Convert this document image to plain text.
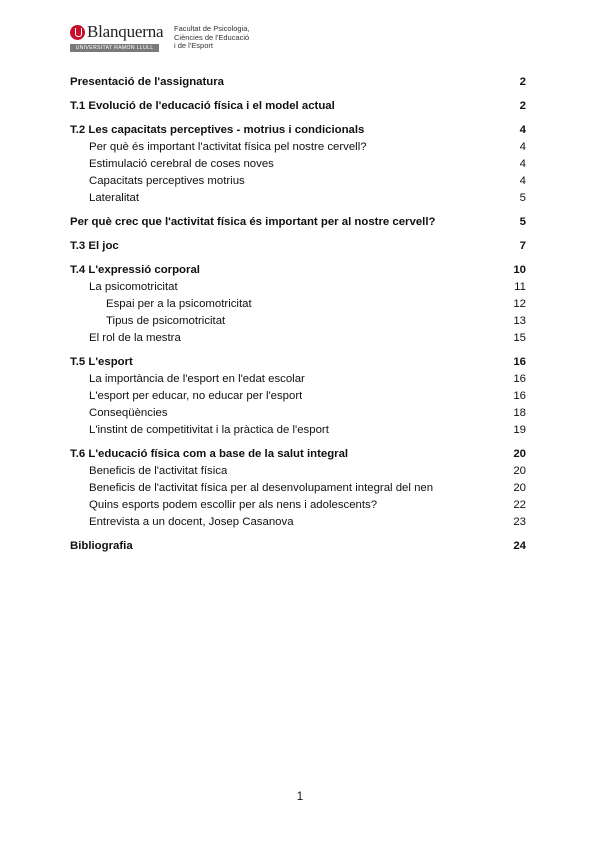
Blanquerna
UNIVERSITAT RAMON LLULL
Facultat de Psicologia,
Ciències de l'Educació
i de l'Esport
Presentació de l'assignatura	2
T.1 Evolució de l'educació física i el model actual	2
T.2 Les capacitats perceptives - motrius i condicionals	4
Per què és important l'activitat física pel nostre cervell?	4
Estimulació cerebral de coses noves	4
Capacitats perceptives motrius	4
Lateralitat	5
Per què crec que l'activitat física és important per al nostre cervell?	5
T.3 El joc	7
T.4 L'expressió corporal	10
La psicomotricitat	11
Espai per a la psicomotricitat	12
Tipus de psicomotricitat	13
El rol de la mestra	15
T.5 L'esport	16
La importància de l'esport en l'edat escolar	16
L'esport per educar, no educar per l'esport	16
Conseqüències	18
L'instint de competitivitat i la pràctica de l'esport	19
T.6 L'educació física com a base de la salut integral	20
Beneficis de l'activitat física	20
Beneficis de l'activitat física per al desenvolupament integral del nen	20
Quins esports podem escollir per als nens i adolescents?	22
Entrevista a un docent, Josep Casanova	23
Bibliografia	24
1
